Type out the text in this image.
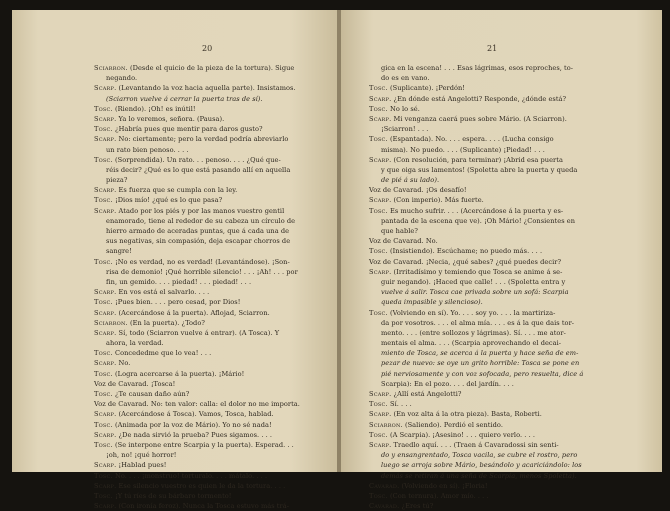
20
Sciarron. (Desde el quicio de la pieza de la tortura). Sigue
negando.
Scarp. (Levantando la voz hacia aquella parte). Insistamos.
(Sciarron vuelve á cerrar la puerta tras de sí).
Tosc. (Riendo). ¡Oh! es inútil!
Scarp. Ya lo veremos, señora. (Pausa).
Tosc. ¿Habría pues que mentir para daros gusto?
Scarp. No: ciertamente; pero la verdad podría abreviarlo
un rato bien penoso. . . .
Tosc. (Sorprendida). Un rato. . . penoso. . . . ¿Qué que-
réis decir? ¿Qué es lo que está pasando allí en aquella
pieza?
Scarp. Es fuerza que se cumpla con la ley.
Tosc. ¡Dios mío! ¿qué es lo que pasa?
Scarp. Atado por los piés y por las manos vuestro gentil
enamorado, tiene al rededor de su cabeza un círculo de
hierro armado de aceradas puntas, que á cada una de
sus negativas, sin compasión, deja escapar chorros de
sangre!
Tosc. ¡No es verdad, no es verdad! (Levantándose). ¡Son-
risa de demonio! ¡Qué horrible silencio! . . . ¡Ah! . . . por
fin, un gemido. . . . piedad! . . . piedad! . . .
Scarp. En vos está el salvarlo. . . .
Tosc. ¡Pues bien. . . . pero cesad, por Dios!
Scarp. (Acercándose á la puerta). Aflojad, Sciarron.
Sciarron. (En la puerta). ¿Todo?
Scarp. Sí, todo (Sciarron vuelve á entrar). (A Tosca). Y
ahora, la verdad.
Tosc. Concededme que lo vea! . . .
Scarp. No.
Tosc. (Logra acercarse á la puerta). ¡Mário!
Voz de Cavarad. ¡Tosca!
Tosc. ¿Te causan daño aún?
Voz de Cavarad. No: ten valor: calla: el dolor no me importa.
Scarp. (Acercándose á Tosca). Vamos, Tosca, hablad.
Tosc. (Animada por la voz de Mário). Yo no sé nada!
Scarp. ¿De nada sirvió la prueba? Pues sigamos. . . .
Tosc. (Se interpone entre Scarpia y la puerta). Esperad. . .
¡oh, no! ¡qué horror!
Scarp. ¡Hablad pues!
Tosc. No. . . . ¡monstruo! torturalo. . . . mátalo. . . .
Scarp. Ese silencio vuestro es quien le da la tortura. . . .
Tosc. ¡Y tú ríes de su bárbaro tormento!
Scarp. (Con ironía feroz). Nunca la Tosca estuvo más trá-
21
gica en la escena! . . . Esas lágrimas, esos reproches, to-
do es en vano.
Tosc. (Suplicante). ¡Perdón!
Scarp. ¿En dónde está Angelotti? Responde, ¿dónde está?
Tosc. No lo sé.
Scarp. Mi venganza caerá pues sobre Mário. (A Sciarron).
¡Sciarron! . . .
Tosc. (Espantada). No. . . . espera. . . . (Lucha consigo
misma). No puedo. . . . (Suplicante) ¡Piedad! . . .
Scarp. (Con resolución, para terminar) ¡Abrid esa puerta
y que oiga sus lamentos! (Spoletta abre la puerta y queda
de pié á su lado).
Voz de Cavarad. ¡Os desafío!
Scarp. (Con imperio). Más fuerte.
Tosc. Es mucho sufrir. . . . (Acercándose á la puerta y es-
pantada de la escena que ve). ¡Oh Mário! ¿Consientes en
que hable?
Voz de Cavarad. No.
Tosc. (Insistiendo). Escúchame; no puedo más. . . .
Voz de Cavarad. ¡Necia, ¿qué sabes? ¿qué puedes decir?
Scarp. (Irritadísimo y temiendo que Tosca se anime á se-
guir negando). ¡Haced que calle! . . . (Spoletta entra y
vuelve á salir. Tosca cae privada sobre un sofá: Scarpia
queda impasible y silencioso).
Tosc. (Volviendo en sí). Yo. . . . soy yo. . . . la martiriza-
da por vosotros. . . . el alma mía. . . . es á la que dais tor-
mento. . . . (entre sollozos y lágrimas). Sí. . . . me ator-
mentais el alma. . . . (Scarpia aprovechando el decai-
miento de Tosca, se acerca á la puerta y hace seña de em-
pezar de nuevo: se oye un grito horrible: Tosca se pone en
pié nerviosamente y con voz sofocada, pero resuelta, dice á
Scarpia): En el pozo. . . . del jardín. . . .
Scarp. ¿Allí está Angelotti?
Tosc. Sí. . . .
Scarp. (En voz alta á la otra pieza). Basta, Roberti.
Sciarron. (Saliendo). Perdió el sentido.
Tosc. (A Scarpia). ¡Asesino! . . . quiero verlo. . . .
Scarp. Traedlo aquí. . . . (Traen á Cavaradossi sin senti-
do y ensangrentado, Tosca vacila, se cubre el rostro, pero
luego se arroja sobre Mário, besándolo y acariciándolo: los
demás se retiran á una seña de Scarpia, menos Spoletta).
Cavarad. (Volviendo en sí). ¡Floria!
Tosc. (Con ternura). Amor mío. . . .
Cavarad. ¿Eres tú?
